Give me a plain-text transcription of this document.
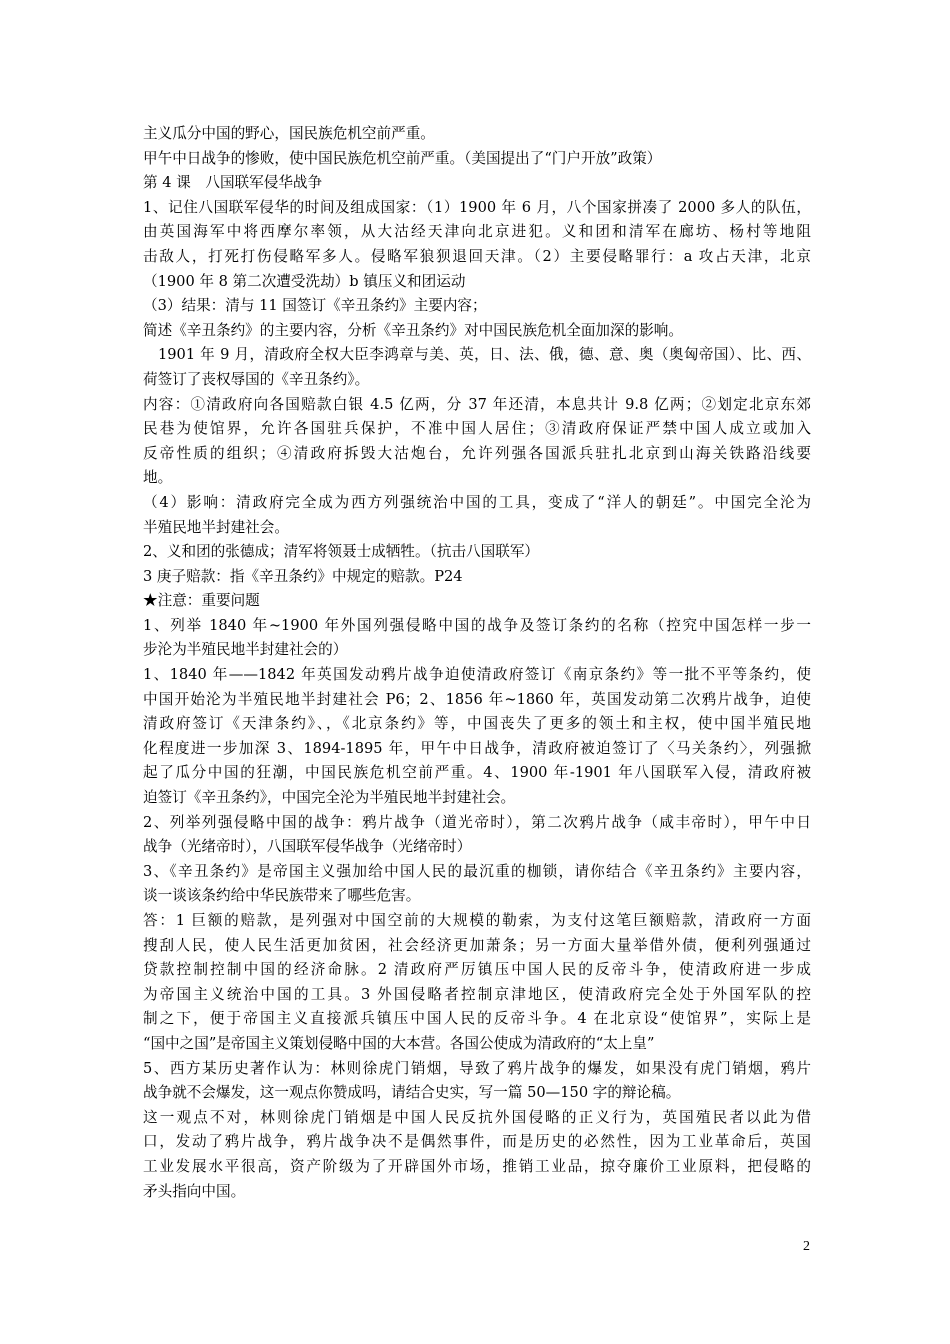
主义瓜分中国的野心，国民族危机空前严重。
甲午中日战争的惨败，使中国民族危机空前严重。（美国提出了“门户开放”政策）
第 4 课　八国联军侵华战争
1、记住八国联军侵华的时间及组成国家：（1）1900 年 6 月，八个国家拼凑了 2000 多人的队伍，
由英国海军中将西摩尔率领，从大沽经天津向北京进犯。义和团和清军在廊坊、杨村等地阻
击敌人，打死打伤侵略军多人。侵略军狼狈退回天津。（2）主要侵略罪行：a 攻占天津，北京
（1900 年 8 第二次遭受洗劫）b 镇压义和团运动
（3）结果：清与 11 国签订《辛丑条约》主要内容；
简述《辛丑条约》的主要内容，分析《辛丑条约》对中国民族危机全面加深的影响。
　1901 年 9 月，清政府全权大臣李鸿章与美、英，日、法、俄，德、意、奥（奥匈帝国）、比、西、
荷签订了丧权辱国的《辛丑条约》。
内容：①清政府向各国赔款白银 4.5 亿两，分 37 年还清，本息共计 9.8 亿两；②划定北京东郊
民巷为使馆界，允许各国驻兵保护，不准中国人居住；③清政府保证严禁中国人成立或加入
反帝性质的组织；④清政府拆毁大沽炮台，允许列强各国派兵驻扎北京到山海关铁路沿线要
地。
（4）影响：清政府完全成为西方列强统治中国的工具，变成了“洋人的朝廷”。中国完全沦为
半殖民地半封建社会。
2、义和团的张德成；清军将领聂士成牺牲。（抗击八国联军）
3 庚子赔款：指《辛丑条约》中规定的赔款。P24
★注意：重要问题
1、列举 1840 年~1900 年外国列强侵略中国的战争及签订条约的名称（控究中国怎样一步一
步沦为半殖民地半封建社会的）
1、1840 年——1842 年英国发动鸦片战争迫使清政府签订《南京条约》等一批不平等条约，使
中国开始沦为半殖民地半封建社会 P6；2、1856 年~1860 年，英国发动第二次鸦片战争，迫使
清政府签订《天津条约》、，《北京条约》等，中国丧失了更多的领土和主权，使中国半殖民地
化程度进一步加深 3、1894-1895 年，甲午中日战争，清政府被迫签订了〈马关条约〉，列强掀
起了瓜分中国的狂潮，中国民族危机空前严重。4、1900 年-1901 年八国联军入侵，清政府被
迫签订《辛丑条约》，中国完全沦为半殖民地半封建社会。
2、列举列强侵略中国的战争：鸦片战争（道光帝时），第二次鸦片战争（咸丰帝时），甲午中日
战争（光绪帝时），八国联军侵华战争（光绪帝时）
3、《辛丑条约》是帝国主义强加给中国人民的最沉重的枷锁，请你结合《辛丑条约》主要内容，
谈一谈该条约给中华民族带来了哪些危害。
答：1 巨额的赔款，是列强对中国空前的大规模的勒索，为支付这笔巨额赔款，清政府一方面
搜刮人民，使人民生活更加贫困，社会经济更加萧条；另一方面大量举借外债，便利列强通过
贷款控制控制中国的经济命脉。2 清政府严厉镇压中国人民的反帝斗争，使清政府进一步成
为帝国主义统治中国的工具。3 外国侵略者控制京津地区，使清政府完全处于外国军队的控
制之下，便于帝国主义直接派兵镇压中国人民的反帝斗争。4 在北京设“使馆界”，实际上是
“国中之国”是帝国主义策划侵略中国的大本营。各国公使成为清政府的“太上皇”
5、西方某历史著作认为：林则徐虎门销烟，导致了鸦片战争的爆发，如果没有虎门销烟，鸦片
战争就不会爆发，这一观点你赞成吗，请结合史实，写一篇 50—150 字的辩论稿。
这一观点不对，林则徐虎门销烟是中国人民反抗外国侵略的正义行为，英国殖民者以此为借
口，发动了鸦片战争，鸦片战争决不是偶然事件，而是历史的必然性，因为工业革命后，英国
工业发展水平很高，资产阶级为了开辟国外市场，推销工业品，掠夺廉价工业原料，把侵略的
矛头指向中国。
2
